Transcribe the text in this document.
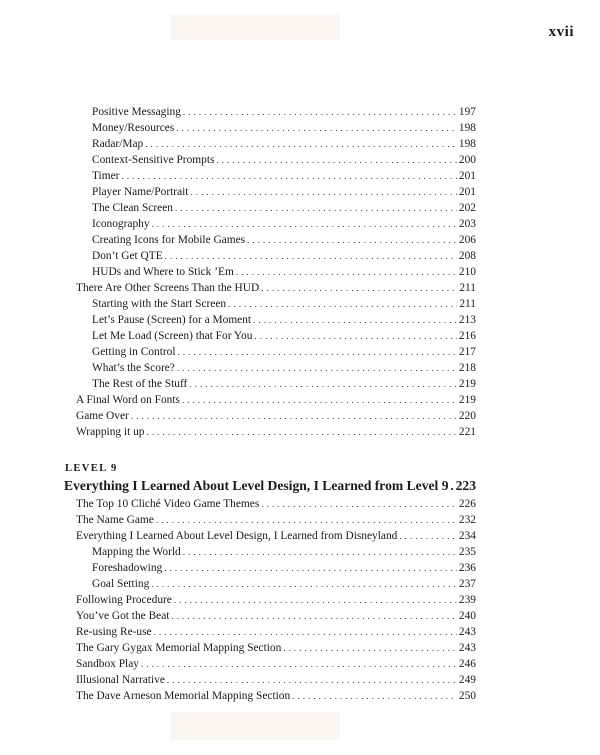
xvii
Positive Messaging . . .	197
Money/Resources . . .	198
Radar/Map . . .	198
Context-Sensitive Prompts . . .	200
Timer . . .	201
Player Name/Portrait . . .	201
The Clean Screen . . .	202
Iconography . . .	203
Creating Icons for Mobile Games . . .	206
Don’t Get QTE . . .	208
HUDs and Where to Stick ’Em . . .	210
There Are Other Screens Than the HUD . . .	211
Starting with the Start Screen . . .	211
Let’s Pause (Screen) for a Moment . . .	213
Let Me Load (Screen) that For You . . .	216
Getting in Control . . .	217
What’s the Score? . . .	218
The Rest of the Stuff . . .	219
A Final Word on Fonts . . .	219
Game Over . . .	220
Wrapping it up . . .	221
LEVEL 9
Everything I Learned About Level Design, I Learned from Level 9 . . . 223
The Top 10 Cliché Video Game Themes . . .	226
The Name Game . . .	232
Everything I Learned About Level Design, I Learned from Disneyland . . .	234
Mapping the World . . .	235
Foreshadowing . . .	236
Goal Setting . . .	237
Following Procedure . . .	239
You’ve Got the Beat . . .	240
Re-using Re-use . . .	243
The Gary Gygax Memorial Mapping Section . . .	243
Sandbox Play . . .	246
Illusional Narrative . . .	249
The Dave Arneson Memorial Mapping Section . . .	250
